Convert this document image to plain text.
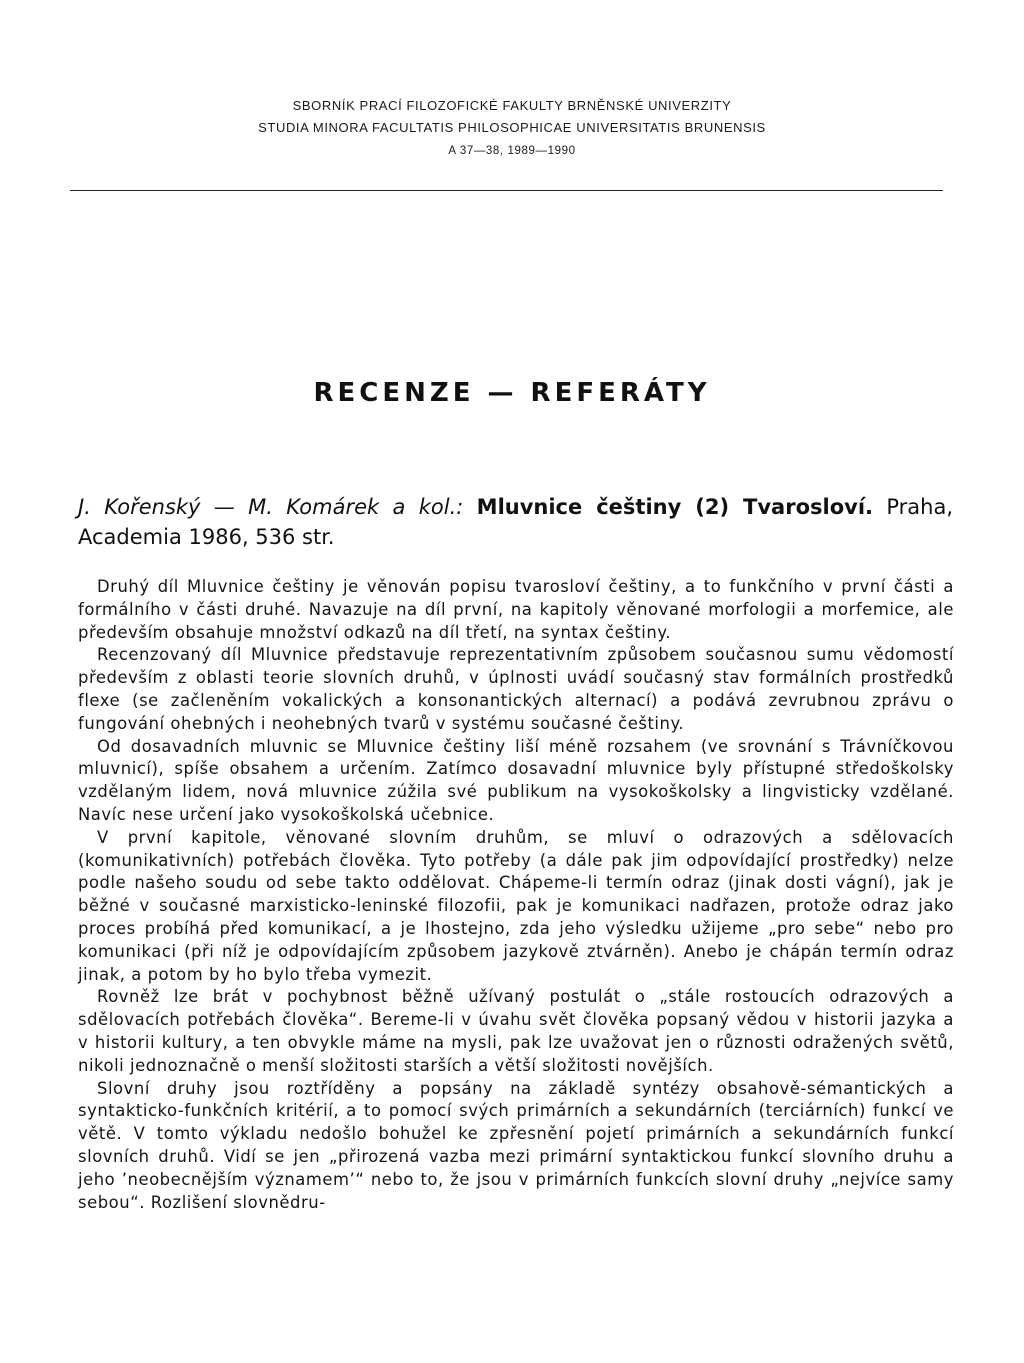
SBORNÍK PRACÍ FILOZOFICKÉ FAKULTY BRNĚNSKÉ UNIVERZITY
STUDIA MINORA FACULTATIS PHILOSOPHICAE UNIVERSITATIS BRUNENSIS
A 37—38, 1989—1990
RECENZE — REFERÁTY
J. Kořenský — M. Komárek a kol.: Mluvnice češtiny (2) Tvarosloví. Praha, Academia 1986, 536 str.

Druhý díl Mluvnice češtiny je věnován popisu tvarosloví češtiny, a to funkčního v první části a formálního v části druhé. Navazuje na díl první, na kapitoly věnované morfologii a morfemice, ale především obsahuje množství odkazů na díl třetí, na syntax češtiny.

Recenzovaný díl Mluvnice představuje reprezentativním způsobem současnou sumu vědomostí především z oblasti teorie slovních druhů, v úplnosti uvádí současný stav formálních prostředků flexe (se začleněním vokalických a konsonantických alternací) a podává zevrubnou zprávu o fungování ohebných i neohebných tvarů v systému současné češtiny.

Od dosavadních mluvnic se Mluvnice češtiny liší méně rozsahem (ve srovnání s Trávníčkovou mluvnicí), spíše obsahem a určením. Zatímco dosavadní mluvnice byly přístupné středoškolsky vzdělaným lidem, nová mluvnice zúžila své publikum na vysokoškolsky a lingvisticky vzdělané. Navíc nese určení jako vysokoškolská učebnice.

V první kapitole, věnované slovním druhům, se mluví o odrazových a sdělovacích (komunikativních) potřebách člověka. Tyto potřeby (a dále pak jim odpovídající prostředky) nelze podle našeho soudu od sebe takto oddělovat. Chápeme-li termín odraz (jinak dosti vágní), jak je běžné v současné marxisticko-leninské filozofii, pak je komunikaci nadřazen, protože odraz jako proces probíhá před komunikací, a je lhostejno, zda jeho výsledku užijeme „pro sebe“ nebo pro komunikaci (při níž je odpovídajícím způsobem jazykově ztvárněn). Anebo je chápán termín odraz jinak, a potom by ho bylo třeba vymezit.

Rovněž lze brát v pochybnost běžně užívaný postulát o „stále rostoucích odrazových a sdělovacích potřebách člověka“. Bereme-li v úvahu svět člověka popsaný vědou v historii jazyka a v historii kultury, a ten obvykle máme na mysli, pak lze uvažovat jen o různosti odražených světů, nikoli jednoznačně o menší složitosti starších a větší složitosti novějších.

Slovní druhy jsou roztříděny a popsány na základě syntézy obsahově-sémantických a syntakticko-funkčních kritérií, a to pomocí svých primárních a sekundárních (terciárních) funkcí ve větě. V tomto výkladu nedošlo bohužel ke zpřesnění pojetí primárních a sekundárních funkcí slovních druhů. Vidí se jen „přirozená vazba mezi primární syntaktickou funkcí slovního druhu a jeho ’neobecnějším významem’“ nebo to, že jsou v primárních funkcích slovní druhy „nejvíce samy sebou“. Rozlišení slovnědru-
